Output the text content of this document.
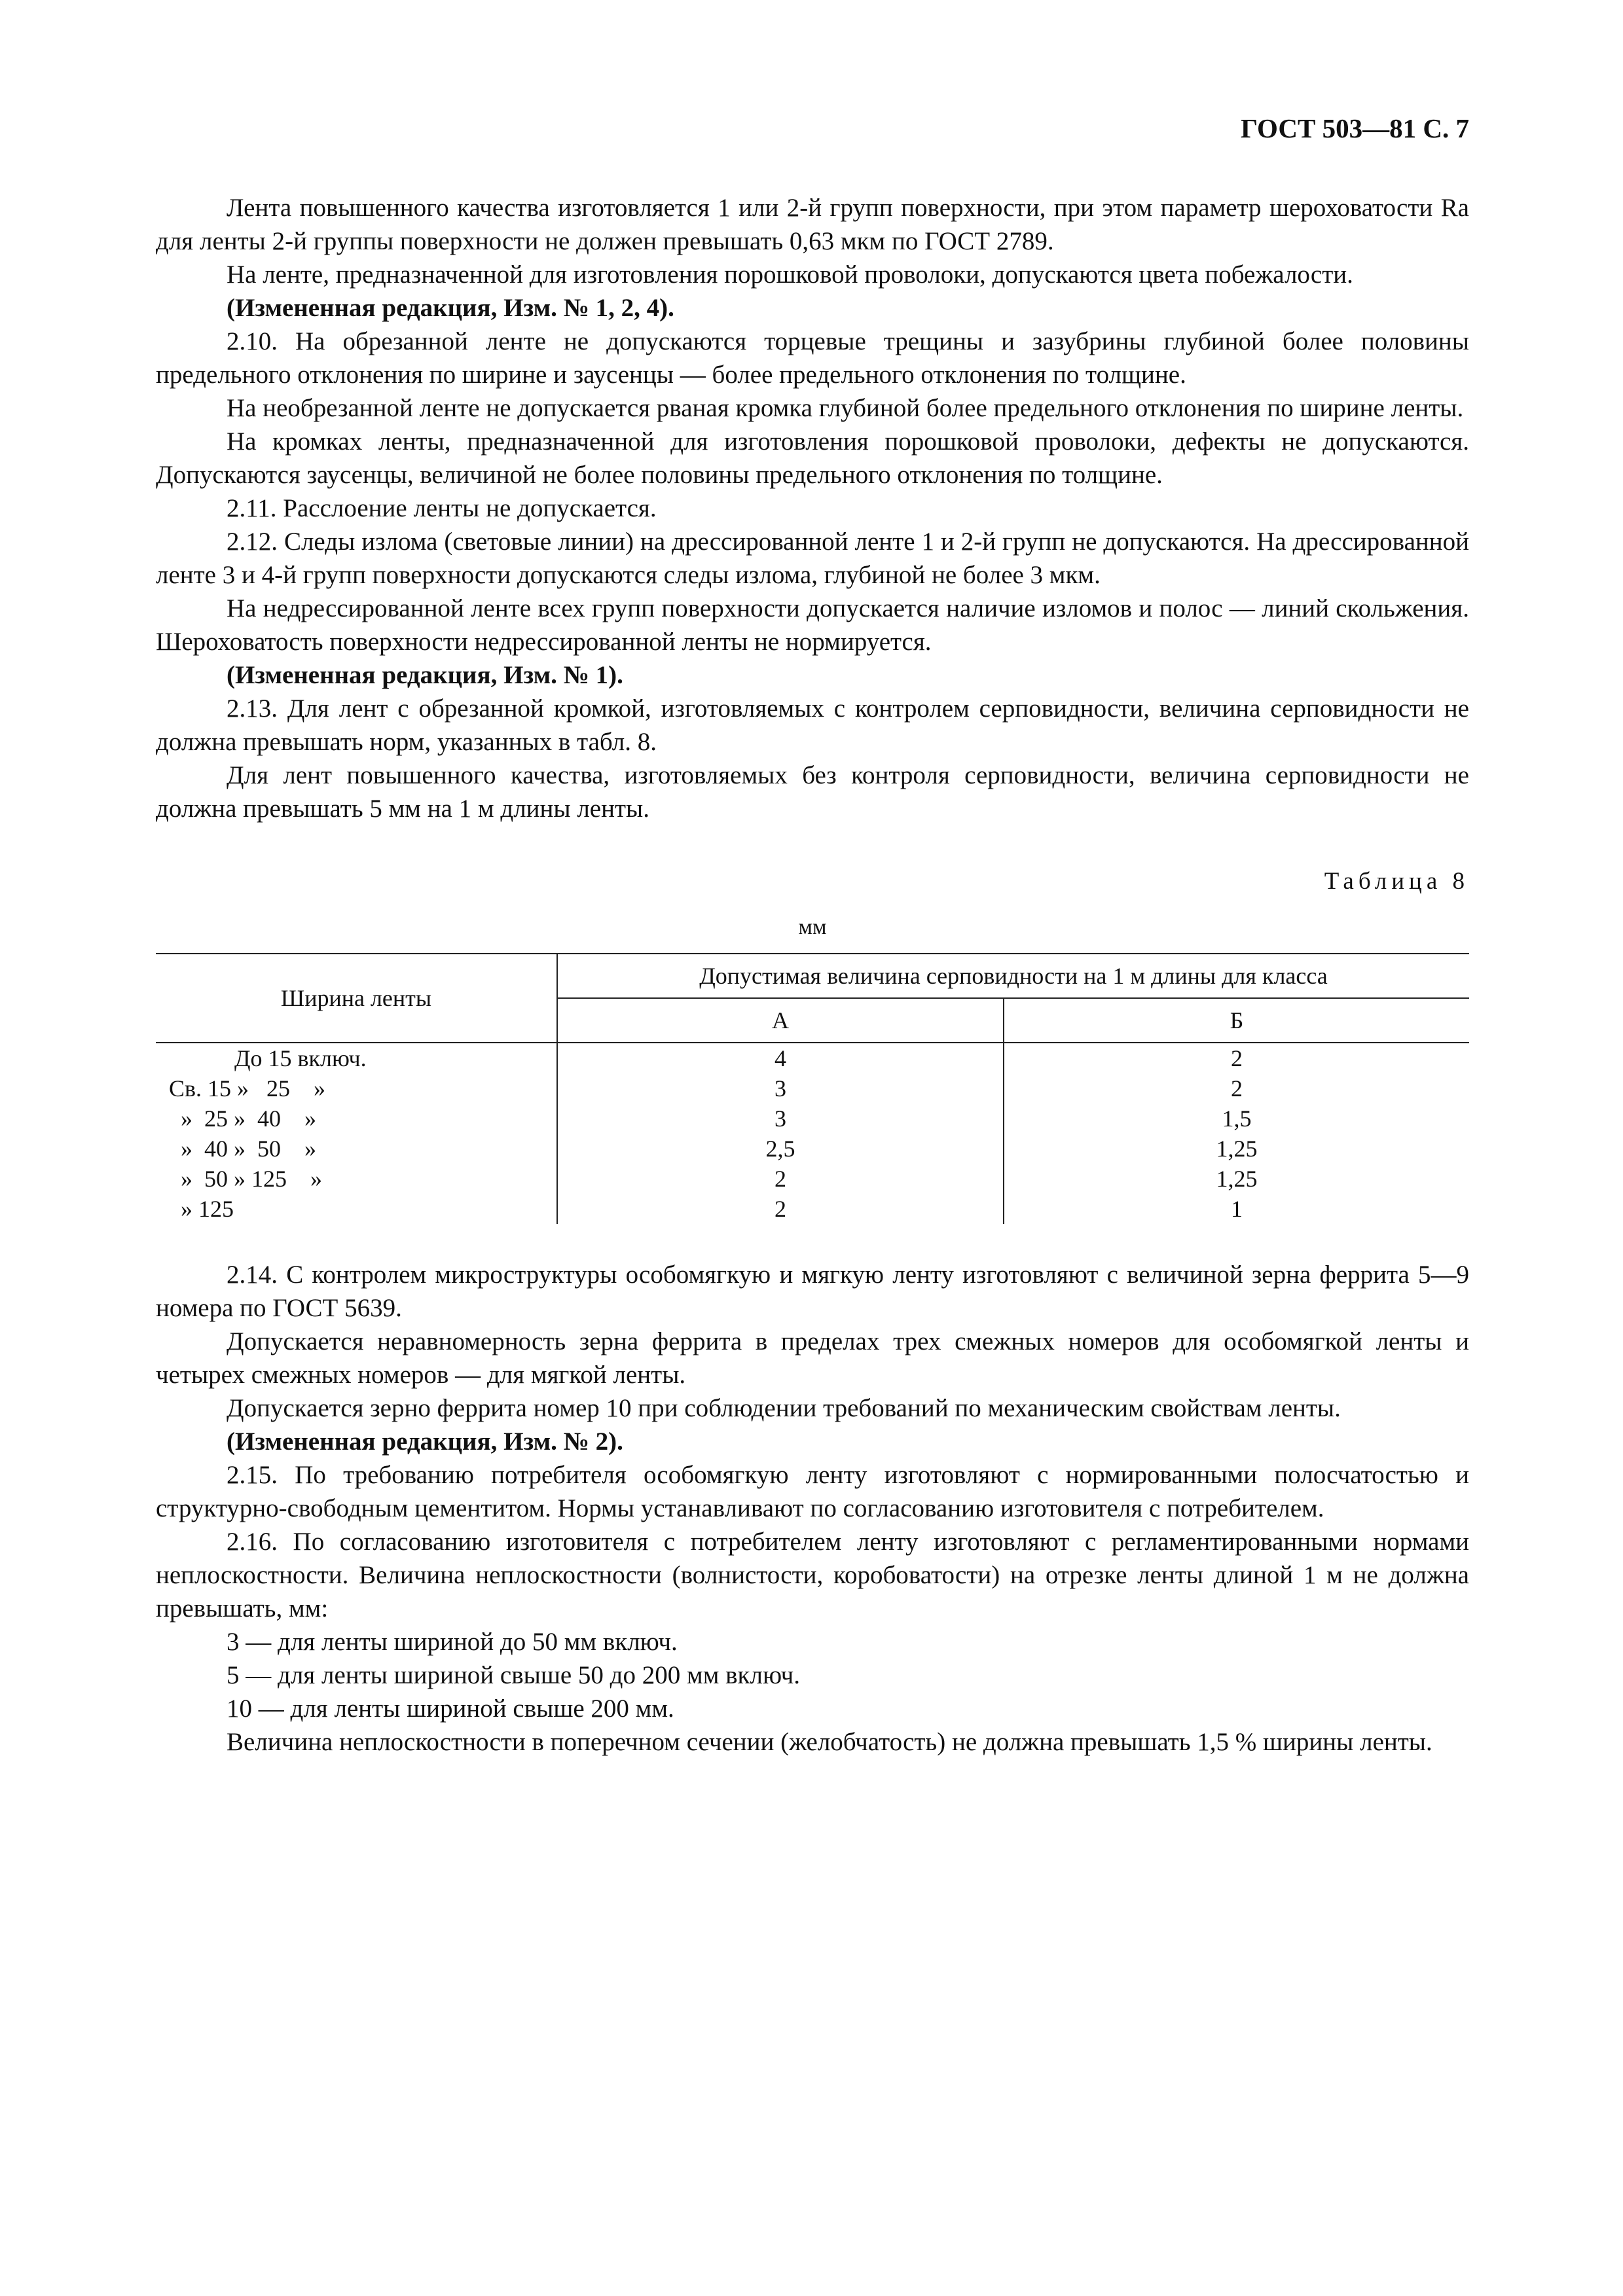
ГОСТ 503—81 С. 7

Лента повышенного качества изготовляется 1 или 2-й групп поверхности, при этом параметр шероховатости Ra для ленты 2-й группы поверхности не должен превышать 0,63 мкм по ГОСТ 2789.

На ленте, предназначенной для изготовления порошковой проволоки, допускаются цвета побежалости.

(Измененная редакция, Изм. № 1, 2, 4).

2.10. На обрезанной ленте не допускаются торцевые трещины и зазубрины глубиной более половины предельного отклонения по ширине и заусенцы — более предельного отклонения по толщине.

На необрезанной ленте не допускается рваная кромка глубиной более предельного отклонения по ширине ленты.

На кромках ленты, предназначенной для изготовления порошковой проволоки, дефекты не допускаются. Допускаются заусенцы, величиной не более половины предельного отклонения по толщине.

2.11. Расслоение ленты не допускается.

2.12. Следы излома (световые линии) на дрессированной ленте 1 и 2-й групп не допускаются. На дрессированной ленте 3 и 4-й групп поверхности допускаются следы излома, глубиной не более 3 мкм.

На недрессированной ленте всех групп поверхности допускается наличие изломов и полос — линий скольжения. Шероховатость поверхности недрессированной ленты не нормируется.

(Измененная редакция, Изм. № 1).

2.13. Для лент с обрезанной кромкой, изготовляемых с контролем серповидности, величина серповидности не должна превышать норм, указанных в табл. 8.

Для лент повышенного качества, изготовляемых без контроля серповидности, величина серповидности не должна превышать 5 мм на 1 м длины ленты.

Таблица 8
мм
Ширина ленты	Допустимая величина серповидности на 1 м длины для класса	
	А	Б
До 15 включ.	4	2
Св. 15 »   25    »	3	2
»  25 »  40    »	3	1,5
»  40 »  50    »	2,5	1,25
»  50 » 125    »	2	1,25
» 125	2	1

2.14. С контролем микроструктуры особомягкую и мягкую ленту изготовляют с величиной зерна феррита 5—9 номера по ГОСТ 5639.

Допускается неравномерность зерна феррита в пределах трех смежных номеров для особомягкой ленты и четырех смежных номеров — для мягкой ленты.

Допускается зерно феррита номер 10 при соблюдении требований по механическим свойствам ленты.

(Измененная редакция, Изм. № 2).

2.15. По требованию потребителя особомягкую ленту изготовляют с нормированными полосчатостью и структурно-свободным цементитом. Нормы устанавливают по согласованию изготовителя с потребителем.

2.16. По согласованию изготовителя с потребителем ленту изготовляют с регламентированными нормами неплоскостности. Величина неплоскостности (волнистости, коробоватости) на отрезке ленты длиной 1 м не должна превышать, мм:

3 — для ленты шириной до 50 мм включ.

5 — для ленты шириной свыше 50 до 200 мм включ.

10 — для ленты шириной свыше 200 мм.

Величина неплоскостности в поперечном сечении (желобчатость) не должна превышать 1,5 % ширины ленты.
